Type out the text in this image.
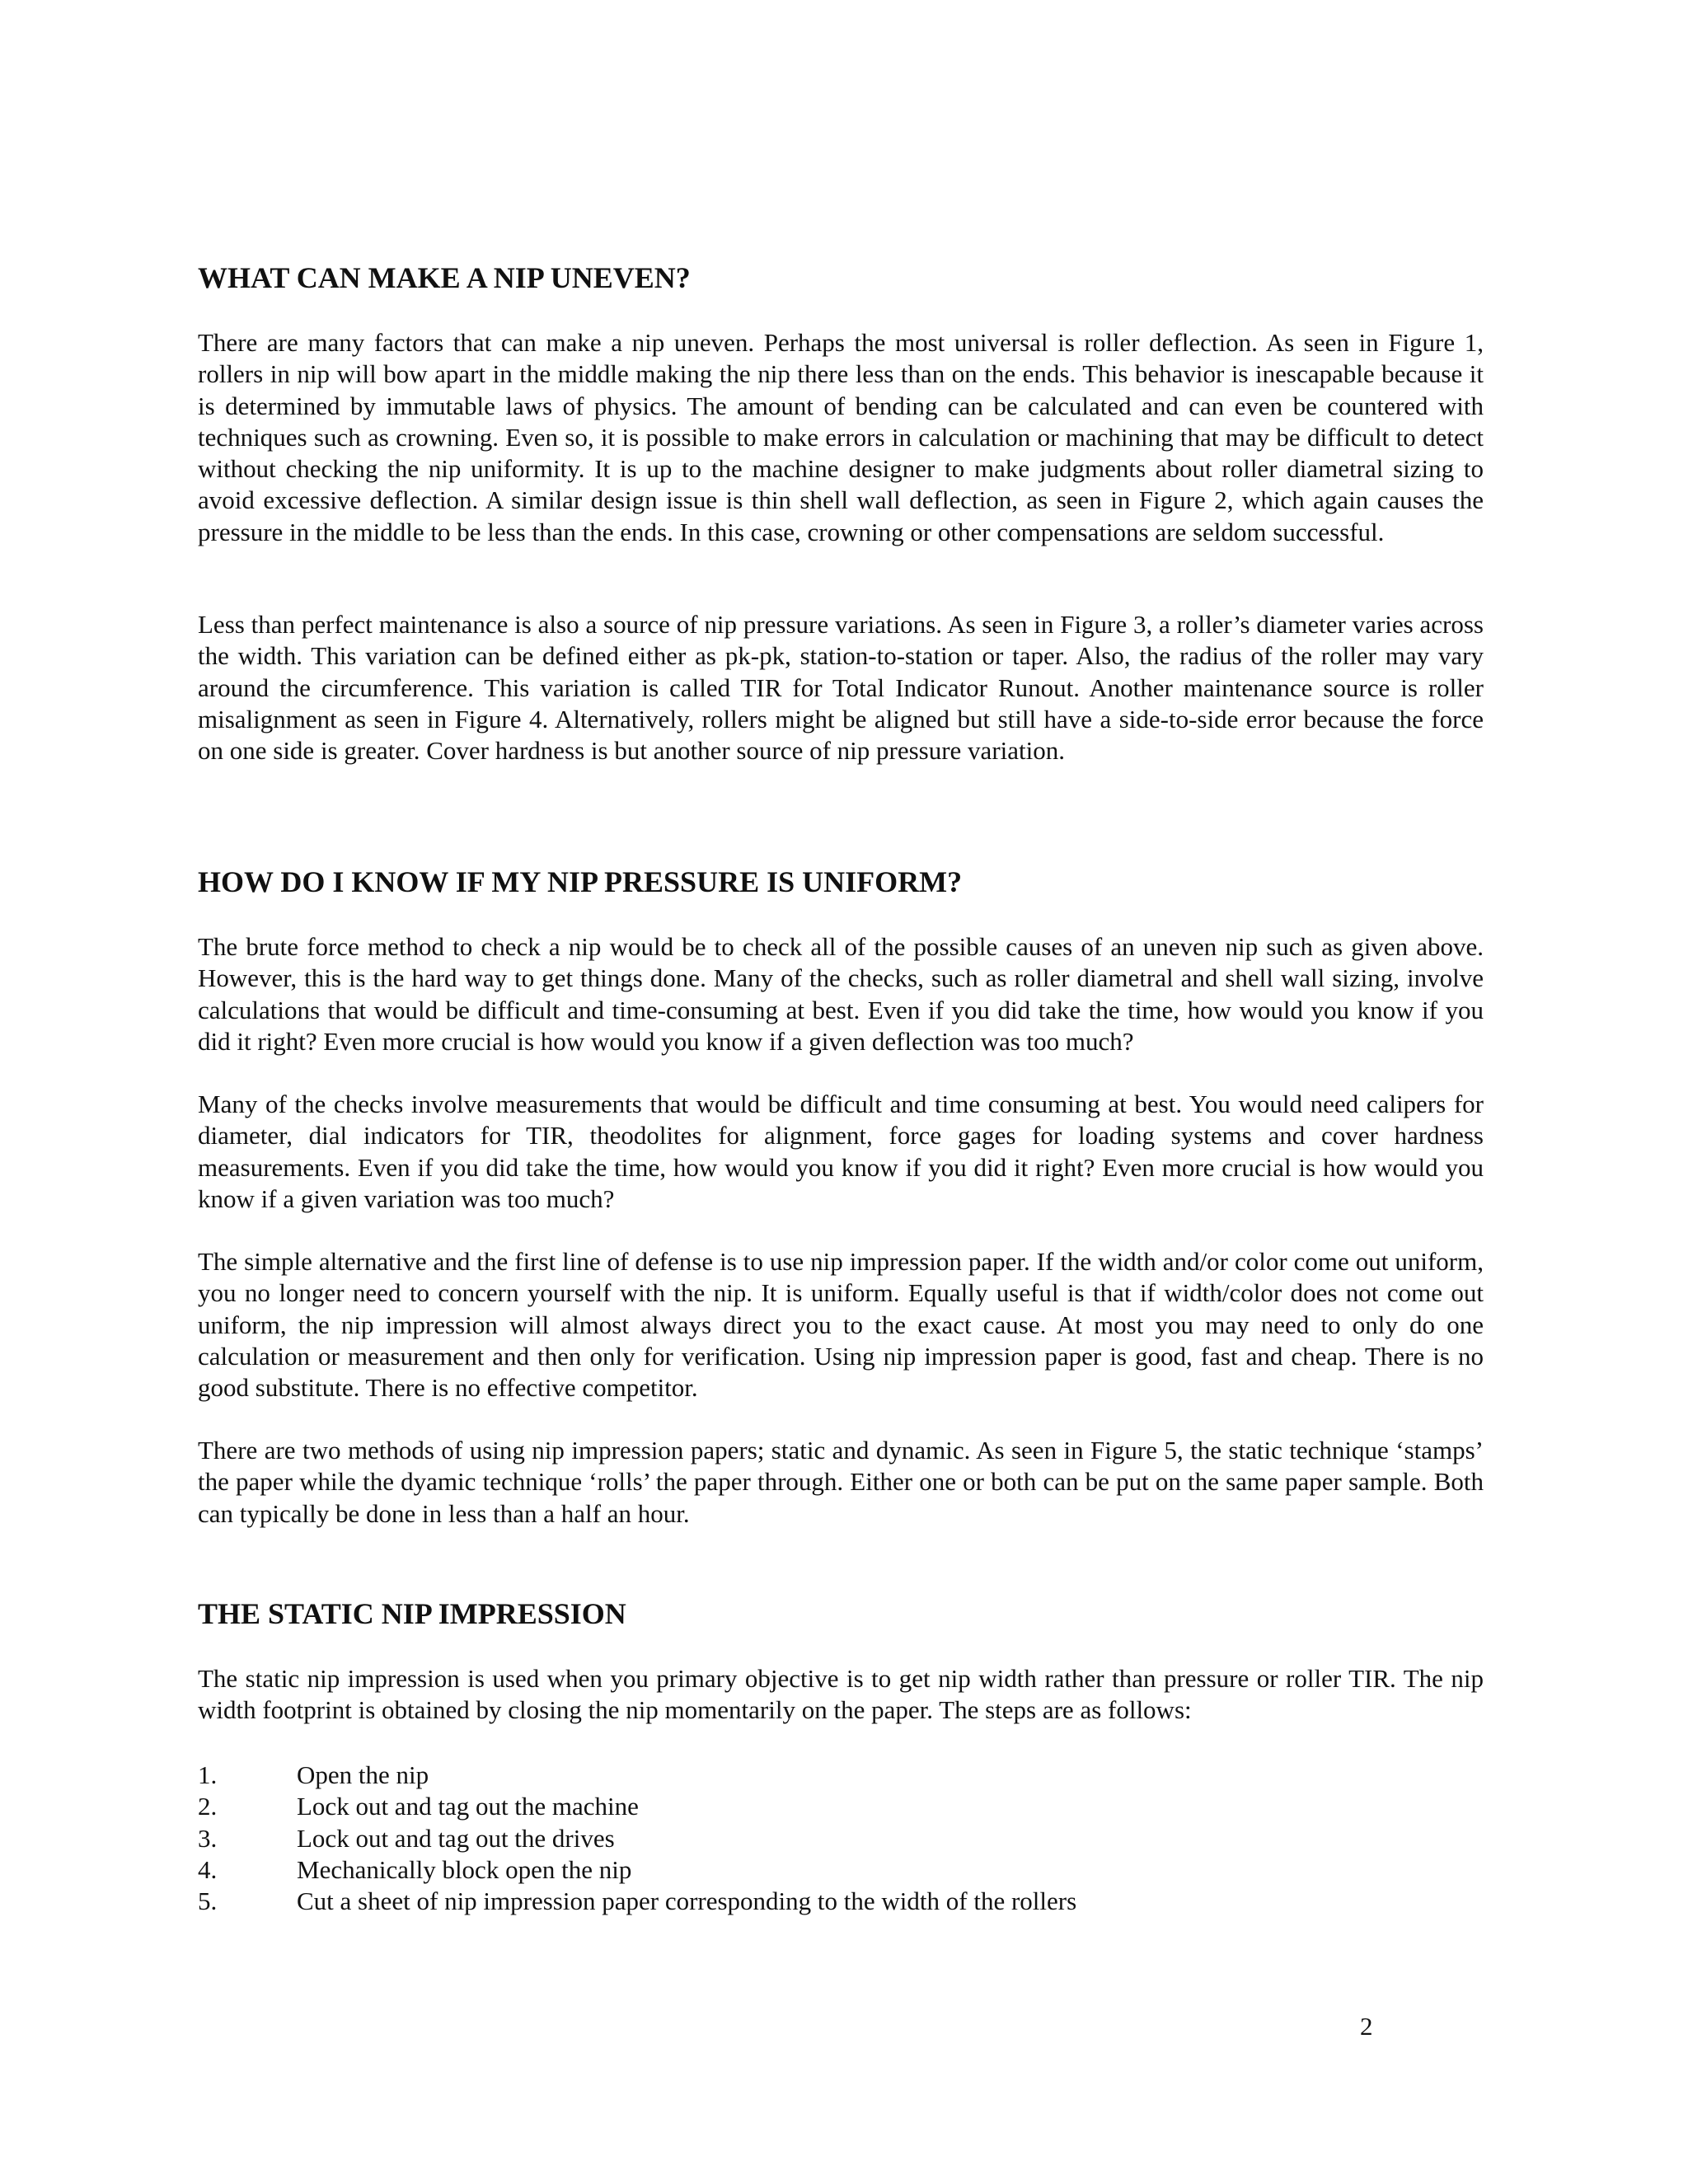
WHAT CAN MAKE A NIP UNEVEN?

There are many factors that can make a nip uneven. Perhaps the most universal is roller deflection. As seen in Figure 1, rollers in nip will bow apart in the middle making the nip there less than on the ends. This behavior is inescapable because it is determined by immutable laws of physics. The amount of bending can be calculated and can even be countered with techniques such as crowning. Even so, it is possible to make errors in calculation or machining that may be difficult to detect without checking the nip uniformity. It is up to the machine designer to make judgments about roller diametral sizing to avoid excessive deflection. A similar design issue is thin shell wall deflection, as seen in Figure 2, which again causes the pressure in the middle to be less than the ends. In this case, crowning or other compensations are seldom successful.

Less than perfect maintenance is also a source of nip pressure variations. As seen in Figure 3, a roller’s diameter varies across the width. This variation can be defined either as pk-pk, station-to-station or taper. Also, the radius of the roller may vary around the circumference. This variation is called TIR for Total Indicator Runout. Another maintenance source is roller misalignment as seen in Figure 4. Alternatively, rollers might be aligned but still have a side-to-side error because the force on one side is greater. Cover hardness is but another source of nip pressure variation.

HOW DO I KNOW IF MY NIP PRESSURE IS UNIFORM?

The brute force method to check a nip would be to check all of the possible causes of an uneven nip such as given above. However, this is the hard way to get things done. Many of the checks, such as roller diametral and shell wall sizing, involve calculations that would be difficult and time-consuming at best. Even if you did take the time, how would you know if you did it right? Even more crucial is how would you know if a given deflection was too much?

Many of the checks involve measurements that would be difficult and time consuming at best. You would need calipers for diameter, dial indicators for TIR, theodolites for alignment, force gages for loading systems and cover hardness measurements. Even if you did take the time, how would you know if you did it right? Even more crucial is how would you know if a given variation was too much?

The simple alternative and the first line of defense is to use nip impression paper. If the width and/or color come out uniform, you no longer need to concern yourself with the nip. It is uniform. Equally useful is that if width/color does not come out uniform, the nip impression will almost always direct you to the exact cause. At most you may need to only do one calculation or measurement and then only for verification. Using nip impression paper is good, fast and cheap. There is no good substitute. There is no effective competitor.

There are two methods of using nip impression papers; static and dynamic. As seen in Figure 5, the static technique ‘stamps’ the paper while the dyamic technique ‘rolls’ the paper through. Either one or both can be put on the same paper sample. Both can typically be done in less than a half an hour.

THE STATIC NIP IMPRESSION

The static nip impression is used when you primary objective is to get nip width rather than pressure or roller TIR. The nip width footprint is obtained by closing the nip momentarily on the paper. The steps are as follows:

1.	Open the nip
2.	Lock out and tag out the machine
3.	Lock out and tag out the drives
4.	Mechanically block open the nip
5.	Cut a sheet of nip impression paper corresponding to the width of the rollers
2
